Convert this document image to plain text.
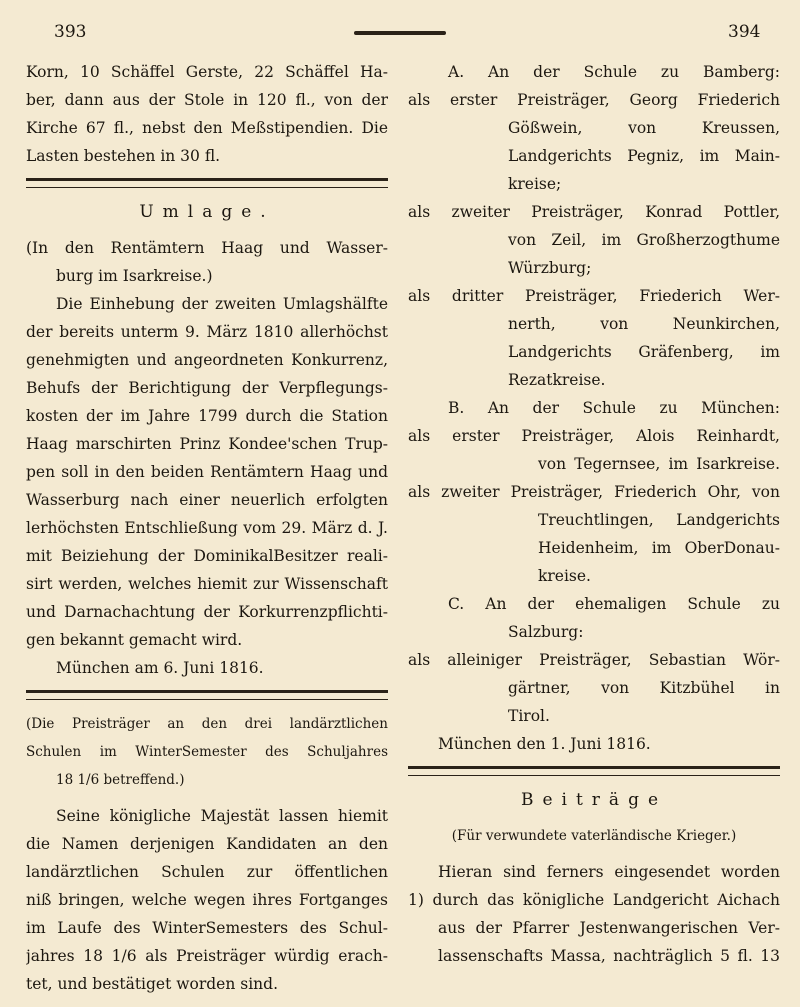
393	394
Korn, 10 Schäffel Gerste, 22 Schäffel Ha-
ber, dann aus der Stole in 120 fl., von der
Kirche 67 fl., nebst den Meßstipendien. Die
Lasten bestehen in 30 fl.
Umlage.
(In den Rentämtern Haag und Wasser-
burg im Isarkreise.)
Die Einhebung der zweiten Umlagshälfte
der bereits unterm 9. März 1810 allerhöchst
genehmigten und angeordneten Konkurrenz,
Behufs der Berichtigung der Verpflegungs-
kosten der im Jahre 1799 durch die Station
Haag marschirten Prinz Kondee'schen Trup-
pen soll in den beiden Rentämtern Haag und
Wasserburg nach einer neuerlich erfolgten
lerhöchsten Entschließung vom 29. März d. J.
mit Beiziehung der DominikalBesitzer reali-
sirt werden, welches hiemit zur Wissenschaft
und Darnachachtung der Korkurrenzpflichti-
gen bekannt gemacht wird.
München am 6. Juni 1816.
(Die Preisträger an den drei landärztlichen
Schulen im WinterSemester des Schuljahres
18 1/6 betreffend.)
Seine königliche Majestät lassen hiemit
die Namen derjenigen Kandidaten an den
landärztlichen Schulen zur öffentlichen
niß bringen, welche wegen ihres Fortganges
im Laufe des WinterSemesters des Schul-
jahres 18 1/6 als Preisträger würdig erach-
tet, und bestätiget worden sind.
A. An der Schule zu Bamberg:
als erster Preisträger, Georg Friederich
Gößwein, von Kreussen,
Landgerichts Pegniz, im Main-
kreise;
als zweiter Preisträger, Konrad Pottler,
von Zeil, im Großherzogthume
Würzburg;
als dritter Preisträger, Friederich Wer-
nerth, von Neunkirchen,
Landgerichts Gräfenberg, im
Rezatkreise.
B. An der Schule zu München:
als erster Preisträger, Alois Reinhardt,
von Tegernsee, im Isarkreise.
als zweiter Preisträger, Friederich Ohr, von
Treuchtlingen, Landgerichts
Heidenheim, im OberDonau-
kreise.
C. An der ehemaligen Schule zu
Salzburg:
als alleiniger Preisträger, Sebastian Wör-
gärtner, von Kitzbühel in
Tirol.
München den 1. Juni 1816.
Beiträge
(Für verwundete vaterländische Krieger.)
Hieran sind ferners eingesendet worden
1) durch das königliche Landgericht Aichach
aus der Pfarrer Jestenwangerischen Ver-
lassenschafts Massa, nachträglich 5 fl. 13
